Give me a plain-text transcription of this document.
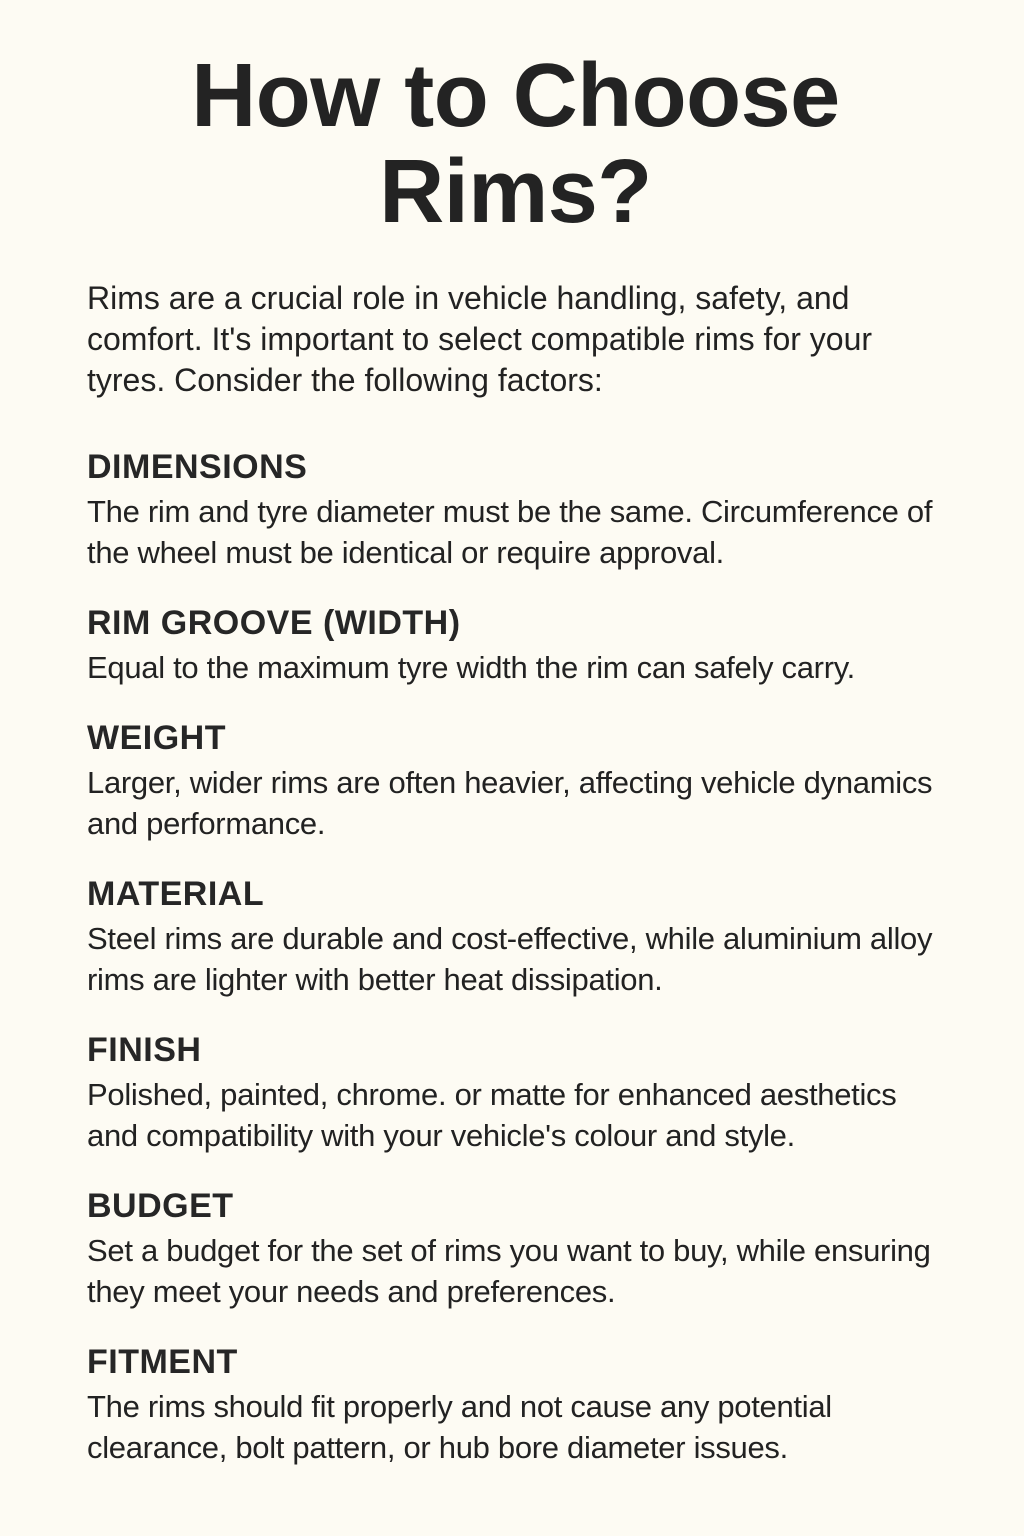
How to Choose Rims?

Rims are a crucial role in vehicle handling, safety, and comfort. It's important to select compatible rims for your tyres. Consider the following factors:

DIMENSIONS

The rim and tyre diameter must be the same. Circumference of the wheel must be identical or require approval.

RIM GROOVE (WIDTH)

Equal to the maximum tyre width the rim can safely carry.

WEIGHT

Larger, wider rims are often heavier, affecting vehicle dynamics and performance.

MATERIAL

Steel rims are durable and cost-effective, while aluminium alloy rims are lighter with better heat dissipation.

FINISH

Polished, painted, chrome. or matte for enhanced aesthetics and compatibility with your vehicle's colour and style.

BUDGET

Set a budget for the set of rims you want to buy, while ensuring they meet your needs and preferences.

FITMENT

The rims should fit properly and not cause any potential clearance, bolt pattern, or hub bore diameter issues.
